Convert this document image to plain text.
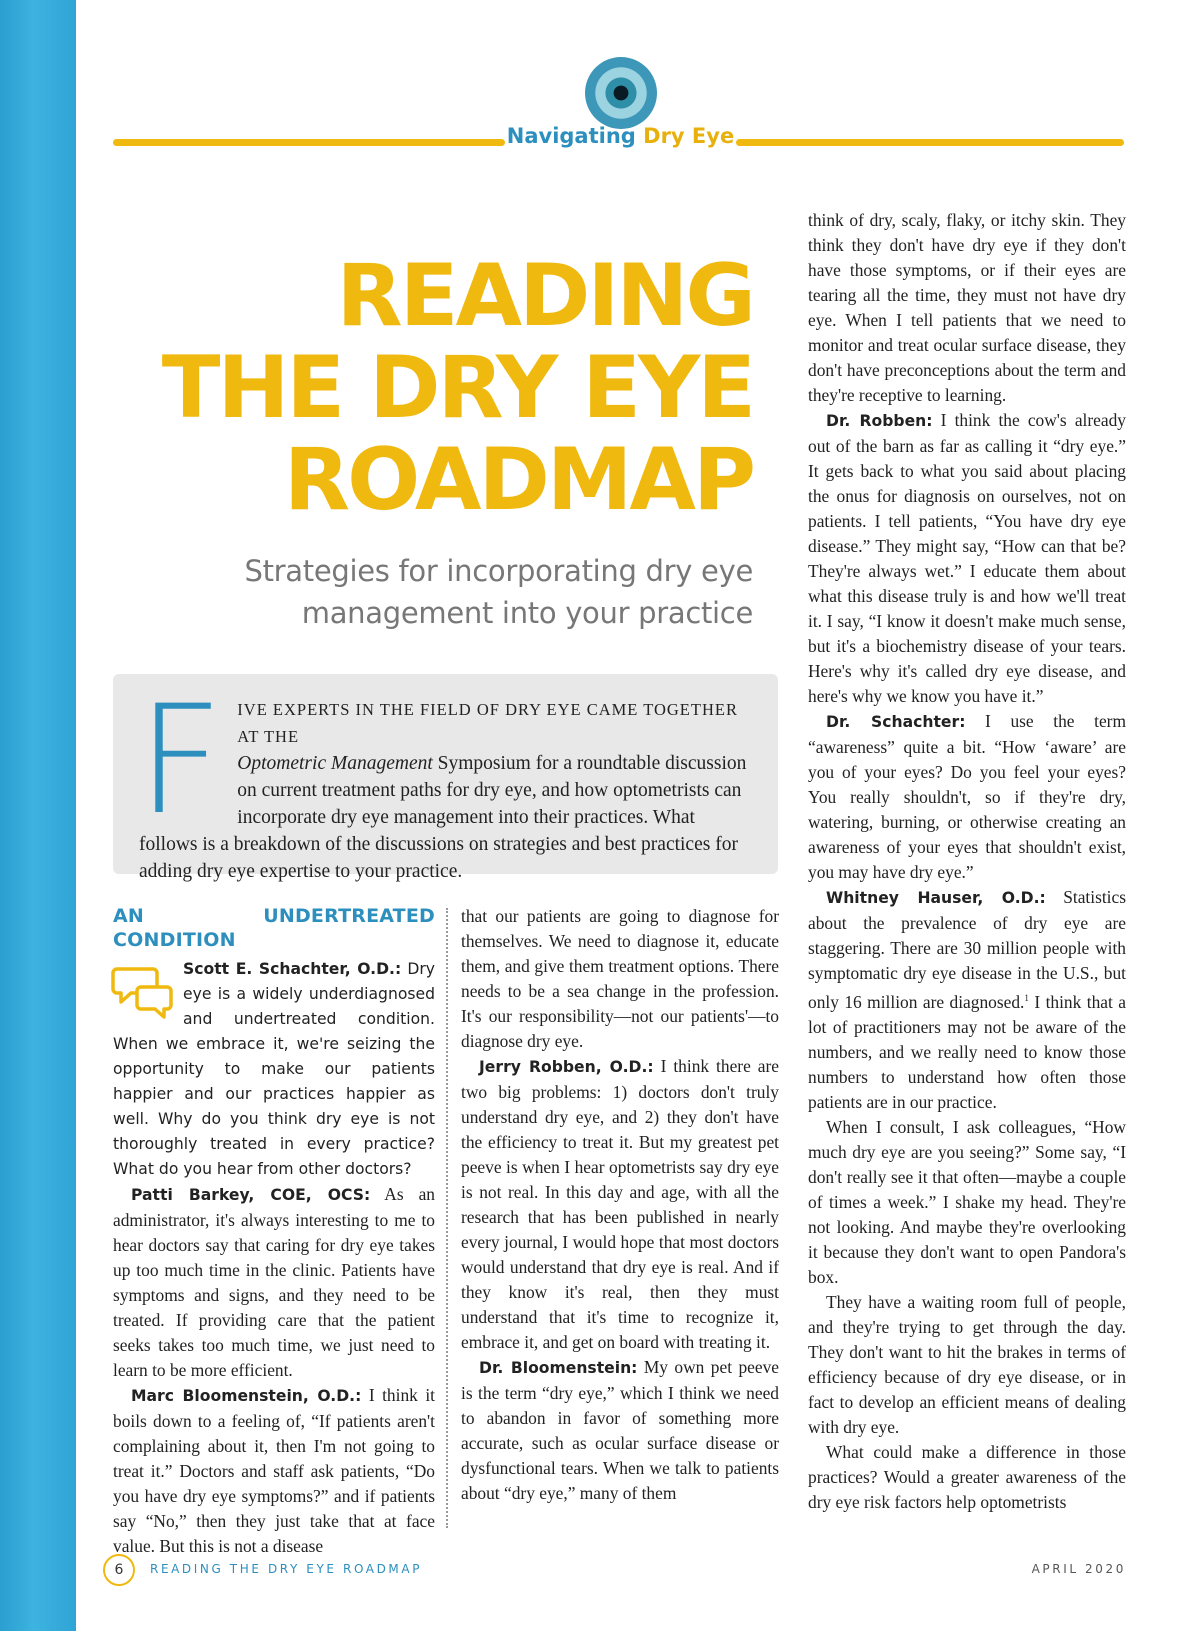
Navigating Dry Eye
READING
THE DRY EYE
ROADMAP
Strategies for incorporating dry eye
management into your practice
F IVE EXPERTS IN THE FIELD OF DRY EYE CAME TOGETHER AT THE
Optometric Management Symposium for a roundtable discussion on current treatment paths for dry eye, and how optometrists can incorporate dry eye management into their practices. What follows is a breakdown of the discussions on strategies and best practices for adding dry eye expertise to your practice.

AN UNDERTREATED CONDITION

Scott E. Schachter, O.D.: Dry eye is a widely underdiagnosed and undertreated condition. When we embrace it, we're seizing the opportunity to make our patients happier and our practices happier as well. Why do you think dry eye is not thoroughly treated in every practice? What do you hear from other doctors?

Patti Barkey, COE, OCS: As an administrator, it's always interesting to me to hear doctors say that caring for dry eye takes up too much time in the clinic. Patients have symptoms and signs, and they need to be treated. If providing care that the patient seeks takes too much time, we just need to learn to be more efficient.

Marc Bloomenstein, O.D.: I think it boils down to a feeling of, “If patients aren't complaining about it, then I'm not going to treat it.” Doctors and staff ask patients, “Do you have dry eye symptoms?” and if patients say “No,” then they just take that at face value. But this is not a disease

that our patients are going to diagnose for themselves. We need to diagnose it, educate them, and give them treatment options. There needs to be a sea change in the profession. It's our responsibility—not our patients'—to diagnose dry eye.

Jerry Robben, O.D.: I think there are two big problems: 1) doctors don't truly understand dry eye, and 2) they don't have the efficiency to treat it. But my greatest pet peeve is when I hear optometrists say dry eye is not real. In this day and age, with all the research that has been published in nearly every journal, I would hope that most doctors would understand that dry eye is real. And if they know it's real, then they must understand that it's time to recognize it, embrace it, and get on board with treating it.

Dr. Bloomenstein: My own pet peeve is the term “dry eye,” which I think we need to abandon in favor of something more accurate, such as ocular surface disease or dysfunctional tears. When we talk to patients about “dry eye,” many of them

think of dry, scaly, flaky, or itchy skin. They think they don't have dry eye if they don't have those symptoms, or if their eyes are tearing all the time, they must not have dry eye. When I tell patients that we need to monitor and treat ocular surface disease, they don't have preconceptions about the term and they're receptive to learning.

Dr. Robben: I think the cow's already out of the barn as far as calling it “dry eye.” It gets back to what you said about placing the onus for diagnosis on ourselves, not on patients. I tell patients, “You have dry eye disease.” They might say, “How can that be? They're always wet.” I educate them about what this disease truly is and how we'll treat it. I say, “I know it doesn't make much sense, but it's a biochemistry disease of your tears. Here's why it's called dry eye disease, and here's why we know you have it.”

Dr. Schachter: I use the term “awareness” quite a bit. “How ‘aware’ are you of your eyes? Do you feel your eyes? You really shouldn't, so if they're dry, watering, burning, or otherwise creating an awareness of your eyes that shouldn't exist, you may have dry eye.”

Whitney Hauser, O.D.: Statistics about the prevalence of dry eye are staggering. There are 30 million people with symptomatic dry eye disease in the U.S., but only 16 million are diagnosed.$^1$ I think that a lot of practitioners may not be aware of the numbers, and we really need to know those numbers to understand how often those patients are in our practice.

When I consult, I ask colleagues, “How much dry eye are you seeing?” Some say, “I don't really see it that often—maybe a couple of times a week.” I shake my head. They're not looking. And maybe they're overlooking it because they don't want to open Pandora's box.

They have a waiting room full of people, and they're trying to get through the day. They don't want to hit the brakes in terms of efficiency because of dry eye disease, or in fact to develop an efficient means of dealing with dry eye.

What could make a difference in those practices? Would a greater awareness of the dry eye risk factors help optometrists

6	READING THE DRY EYE ROADMAP	APRIL 2020
